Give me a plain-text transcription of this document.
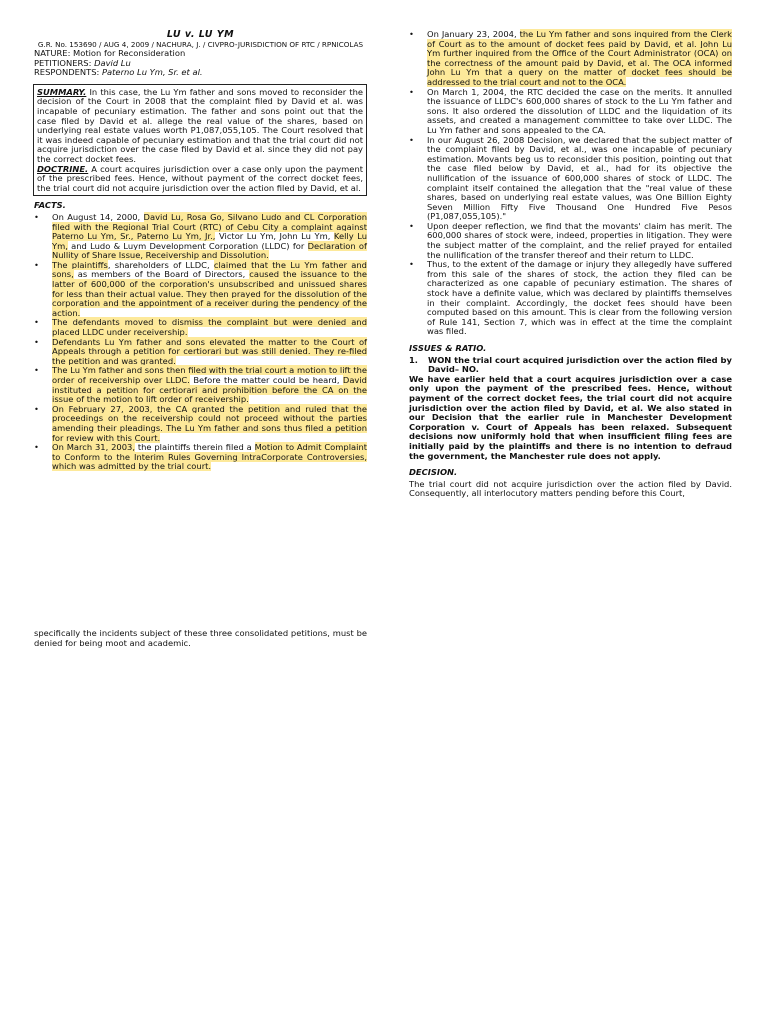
LU v. LU YM
G.R. No. 153690 / AUG 4, 2009 / NACHURA, J. / CIVPRO-JURISDICTION OF RTC / RPNICOLAS
NATURE: Motion for Reconsideration
PETITIONERS: David Lu
RESPONDENTS: Paterno Lu Ym, Sr. et al.
SUMMARY. In this case, the Lu Ym father and sons moved to reconsider the decision of the Court in 2008 that the complaint filed by David et al. was incapable of pecuniary estimation. The father and sons point out that the case filed by David et al. allege the real value of the shares, based on underlying real estate values worth P1,087,055,105. The Court resolved that it was indeed capable of pecuniary estimation and that the trial court did not acquire jurisdiction over the case filed by David et al. since they did not pay the correct docket fees.
DOCTRINE. A court acquires jurisdiction over a case only upon the payment of the prescribed fees. Hence, without payment of the correct docket fees, the trial court did not acquire jurisdiction over the action filed by David, et al.
FACTS.
• On August 14, 2000, David Lu, Rosa Go, Silvano Ludo and CL Corporation filed with the Regional Trial Court (RTC) of Cebu City a complaint against Paterno Lu Ym, Sr., Paterno Lu Ym, Jr., Victor Lu Ym, John Lu Ym, Kelly Lu Ym, and Ludo & Luym Development Corporation (LLDC) for Declaration of Nullity of Share Issue, Receivership and Dissolution.
• The plaintiffs, shareholders of LLDC, claimed that the Lu Ym father and sons, as members of the Board of Directors, caused the issuance to the latter of 600,000 of the corporation's unsubscribed and unissued shares for less than their actual value. They then prayed for the dissolution of the corporation and the appointment of a receiver during the pendency of the action.
• The defendants moved to dismiss the complaint but were denied and placed LLDC under receivership.
• Defendants Lu Ym father and sons elevated the matter to the Court of Appeals through a petition for certiorari but was still denied. They re-filed the petition and was granted.
• The Lu Ym father and sons then filed with the trial court a motion to lift the order of receivership over LLDC. Before the matter could be heard, David instituted a petition for certiorari and prohibition before the CA on the issue of the motion to lift order of receivership.
• On February 27, 2003, the CA granted the petition and ruled that the proceedings on the receivership could not proceed without the parties amending their pleadings. The Lu Ym father and sons thus filed a petition for review with this Court.
• On March 31, 2003, the plaintiffs therein filed a Motion to Admit Complaint to Conform to the Interim Rules Governing IntraCorporate Controversies, which was admitted by the trial court.
• On January 23, 2004, the Lu Ym father and sons inquired from the Clerk of Court as to the amount of docket fees paid by David, et al. John Lu Ym further inquired from the Office of the Court Administrator (OCA) on the correctness of the amount paid by David, et al. The OCA informed John Lu Ym that a query on the matter of docket fees should be addressed to the trial court and not to the OCA.
• On March 1, 2004, the RTC decided the case on the merits. It annulled the issuance of LLDC's 600,000 shares of stock to the Lu Ym father and sons. It also ordered the dissolution of LLDC and the liquidation of its assets, and created a management committee to take over LLDC. The Lu Ym father and sons appealed to the CA.
• In our August 26, 2008 Decision, we declared that the subject matter of the complaint filed by David, et al., was one incapable of pecuniary estimation. Movants beg us to reconsider this position, pointing out that the case filed below by David, et al., had for its objective the nullification of the issuance of 600,000 shares of stock of LLDC. The complaint itself contained the allegation that the "real value of these shares, based on underlying real estate values, was One Billion Eighty Seven Million Fifty Five Thousand One Hundred Five Pesos (P1,087,055,105)."
• Upon deeper reflection, we find that the movants' claim has merit. The 600,000 shares of stock were, indeed, properties in litigation. They were the subject matter of the complaint, and the relief prayed for entailed the nullification of the transfer thereof and their return to LLDC.
• Thus, to the extent of the damage or injury they allegedly have suffered from this sale of the shares of stock, the action they filed can be characterized as one capable of pecuniary estimation. The shares of stock have a definite value, which was declared by plaintiffs themselves in their complaint. Accordingly, the docket fees should have been computed based on this amount. This is clear from the following version of Rule 141, Section 7, which was in effect at the time the complaint was filed.
ISSUES & RATIO.
1.	WON the trial court acquired jurisdiction over the action filed by David– NO.
We have earlier held that a court acquires jurisdiction over a case only upon the payment of the prescribed fees. Hence, without payment of the correct docket fees, the trial court did not acquire jurisdiction over the action filed by David, et al. We also stated in our Decision that the earlier rule in Manchester Development Corporation v. Court of Appeals has been relaxed. Subsequent decisions now uniformly hold that when insufficient filing fees are initially paid by the plaintiffs and there is no intention to defraud the government, the Manchester rule does not apply.
DECISION.
The trial court did not acquire jurisdiction over the action filed by David. Consequently, all interlocutory matters pending before this Court,
specifically the incidents subject of these three consolidated petitions, must be denied for being moot and academic.
